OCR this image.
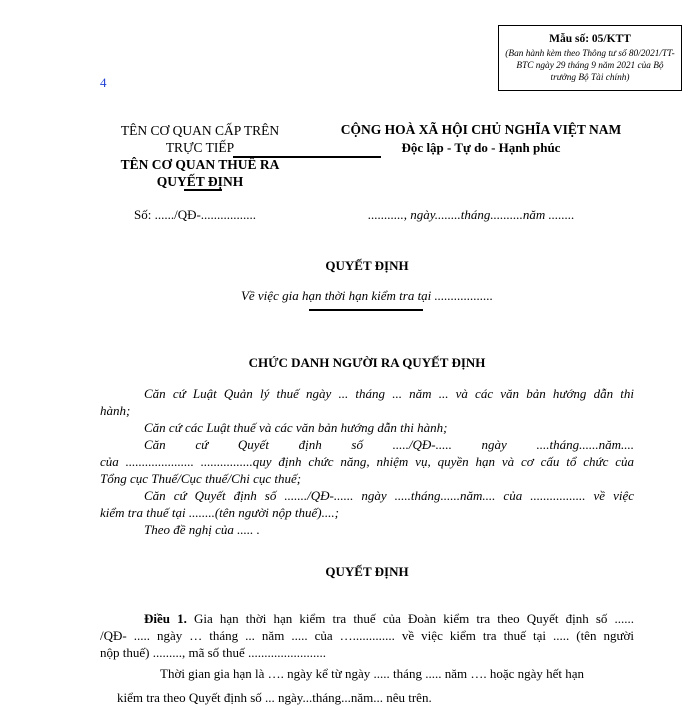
Mẫu số: 05/KTT
(Ban hành kèm theo Thông tư số 80/2021/TT-BTC ngày 29 tháng 9 năm 2021 của Bộ trưởng Bộ Tài chính)
4
TÊN CƠ QUAN CẤP TRÊN
TRỰC TIẾP
TÊN CƠ QUAN THUẾ RA
QUYẾT ĐỊNH
CỘNG HOÀ XÃ HỘI CHỦ NGHĨA VIỆT NAM
Độc lập - Tự do - Hạnh phúc
Số: ....../QĐ-.................	..........., ngày........tháng..........năm ........
QUYẾT ĐỊNH
Về việc gia hạn thời hạn kiểm tra tại ..................
CHỨC DANH NGƯỜI RA QUYẾT ĐỊNH
Căn cứ Luật Quản lý thuế ngày ... tháng ... năm ... và các văn bản hướng dẫn thi
hành;
Căn cứ các Luật thuế và các văn bản hướng dẫn thi hành;
Căn cứ Quyết định số ...../QĐ-..... ngày ....tháng......năm....
của ..................... ................quy định chức năng, nhiệm vụ, quyền hạn và cơ cấu tổ chức của
Tổng cục Thuế/Cục thuế/Chi cục thuế;
Căn cứ Quyết định số ......./QĐ-...... ngày .....tháng......năm.... của ................. về việc
kiểm tra thuế tại ........(tên người nộp thuế)....;
Theo đề nghị của ..... .
QUYẾT ĐỊNH
Điều 1. Gia hạn thời hạn kiểm tra thuế của Đoàn kiểm tra theo Quyết định số ......
/QĐ- ..... ngày … tháng ... năm ..... của …............. về việc kiểm tra thuế tại ..... (tên người
nộp thuế) ........., mã số thuế ........................
Thời gian gia hạn là …. ngày kể từ ngày ..... tháng ..... năm …. hoặc ngày hết hạn
kiểm tra theo Quyết định số ... ngày...tháng...năm... nêu trên.
